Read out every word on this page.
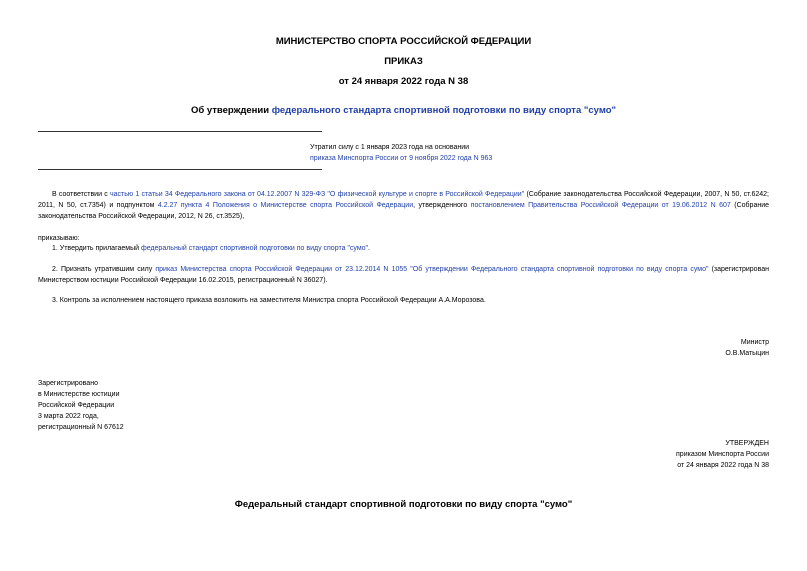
МИНИСТЕРСТВО СПОРТА РОССИЙСКОЙ ФЕДЕРАЦИИ
ПРИКАЗ
от 24 января 2022 года N 38
Об утверждении федерального стандарта спортивной подготовки по виду спорта "сумо"
Утратил силу с 1 января 2023 года на основании
приказа Минспорта России от 9 ноября 2022 года N 963
В соответствии с частью 1 статьи 34 Федерального закона от 04.12.2007 N 329-ФЗ "О физической культуре и спорте в Российской Федерации" (Собрание законодательства Российской Федерации, 2007, N 50, ст.6242; 2011, N 50, ст.7354) и подпунктом 4.2.27 пункта 4 Положения о Министерстве спорта Российской Федерации, утвержденного постановлением Правительства Российской Федерации от 19.06.2012 N 607 (Собрание законодательства Российской Федерации, 2012, N 26, ст.3525),
приказываю:
1. Утвердить прилагаемый федеральный стандарт спортивной подготовки по виду спорта "сумо".
2. Признать утратившим силу приказ Министерства спорта Российской Федерации от 23.12.2014 N 1055 "Об утверждении Федерального стандарта спортивной подготовки по виду спорта сумо" (зарегистрирован Министерством юстиции Российской Федерации 16.02.2015, регистрационный N 36027).
3. Контроль за исполнением настоящего приказа возложить на заместителя Министра спорта Российской Федерации А.А.Морозова.
Министр
О.В.Матыцин
Зарегистрировано
в Министерстве юстиции
Российской Федерации
3 марта 2022 года,
регистрационный N 67612
УТВЕРЖДЕН
приказом Минспорта России
от 24 января 2022 года N 38
Федеральный стандарт спортивной подготовки по виду спорта "сумо"
